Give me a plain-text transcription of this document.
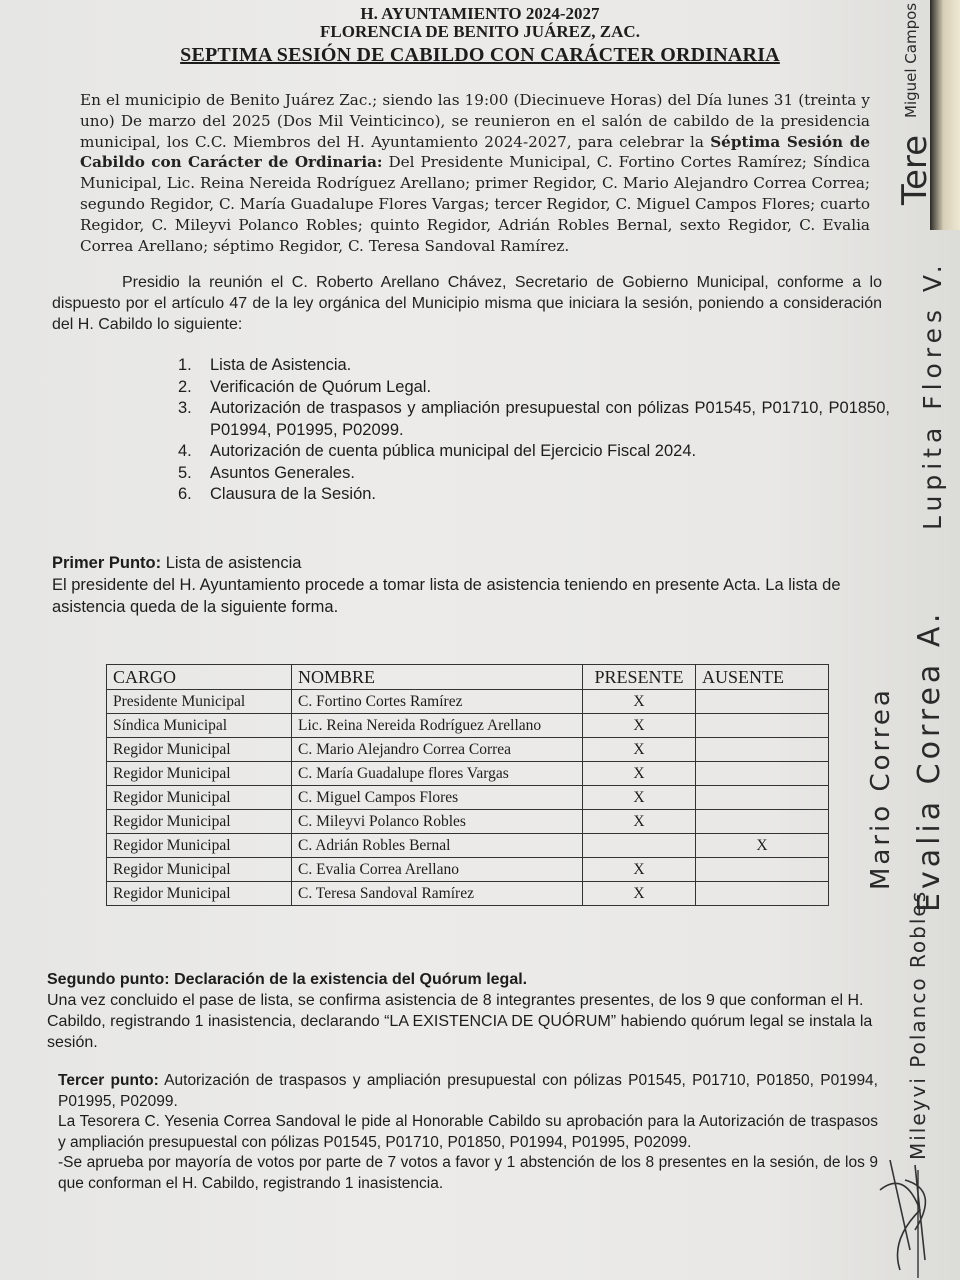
H. AYUNTAMIENTO 2024-2027
FLORENCIA DE BENITO JUÁREZ, ZAC.
SEPTIMA SESIÓN DE CABILDO CON CARÁCTER ORDINARIA
En el municipio de Benito Juárez Zac.; siendo las 19:00 (Diecinueve Horas) del Día lunes 31 (treinta y uno) De marzo del 2025 (Dos Mil Veinticinco), se reunieron en el salón de cabildo de la presidencia municipal, los C.C. Miembros del H. Ayuntamiento 2024-2027, para celebrar la Séptima Sesión de Cabildo con Carácter de Ordinaria: Del Presidente Municipal, C. Fortino Cortes Ramírez; Síndica Municipal, Lic. Reina Nereida Rodríguez Arellano; primer Regidor, C. Mario Alejandro Correa Correa; segundo Regidor, C. María Guadalupe Flores Vargas; tercer Regidor, C. Miguel Campos Flores; cuarto Regidor, C. Mileyvi Polanco Robles; quinto Regidor, Adrián Robles Bernal, sexto Regidor, C. Evalia Correa Arellano; séptimo Regidor, C. Teresa Sandoval Ramírez.
Presidio la reunión el C. Roberto Arellano Chávez, Secretario de Gobierno Municipal, conforme a lo dispuesto por el artículo 47 de la ley orgánica del Municipio misma que iniciara la sesión, poniendo a consideración del H. Cabildo lo siguiente:
1.	Lista de Asistencia.
2.	Verificación de Quórum Legal.
3.	Autorización de traspasos y ampliación presupuestal con pólizas P01545, P01710, P01850, P01994, P01995, P02099.
4.	Autorización de cuenta pública municipal del Ejercicio Fiscal 2024.
5.	Asuntos Generales.
6.	Clausura de la Sesión.
Primer Punto: Lista de asistencia
El presidente del H. Ayuntamiento procede a tomar lista de asistencia teniendo en presente Acta. La lista de asistencia queda de la siguiente forma.
CARGO	NOMBRE	PRESENTE	AUSENTE
Presidente Municipal	C. Fortino Cortes Ramírez	X	
Síndica Municipal	Lic. Reina Nereida Rodríguez Arellano	X	
Regidor Municipal	C. Mario Alejandro Correa Correa	X	
Regidor Municipal	C. María Guadalupe flores Vargas	X	
Regidor Municipal	C. Miguel Campos Flores	X	
Regidor Municipal	C. Mileyvi Polanco Robles	X	
Regidor Municipal	C. Adrián Robles Bernal		X
Regidor Municipal	C. Evalia Correa Arellano	X	
Regidor Municipal	C. Teresa Sandoval Ramírez	X	
Segundo punto: Declaración de la existencia del Quórum legal.
Una vez concluido el pase de lista, se confirma asistencia de 8 integrantes presentes, de los 9 que conforman el H. Cabildo, registrando 1 inasistencia, declarando “LA EXISTENCIA DE QUÓRUM” habiendo quórum legal se instala la sesión.
Tercer punto: Autorización de traspasos y ampliación presupuestal con pólizas P01545, P01710, P01850, P01994, P01995, P02099.
La Tesorera C. Yesenia Correa Sandoval le pide al Honorable Cabildo su aprobación para la Autorización de traspasos y ampliación presupuestal con pólizas P01545, P01710, P01850, P01994, P01995, P02099.
-Se aprueba por mayoría de votos por parte de 7 votos a favor y 1 abstención de los 8 presentes en la sesión, de los 9 que conforman el H. Cabildo, registrando 1 inasistencia.
Miguel Campos
Tere
Lupita Flores V.
Evalia Correa A.
Mario Correa
Mileyvi Polanco Robles
